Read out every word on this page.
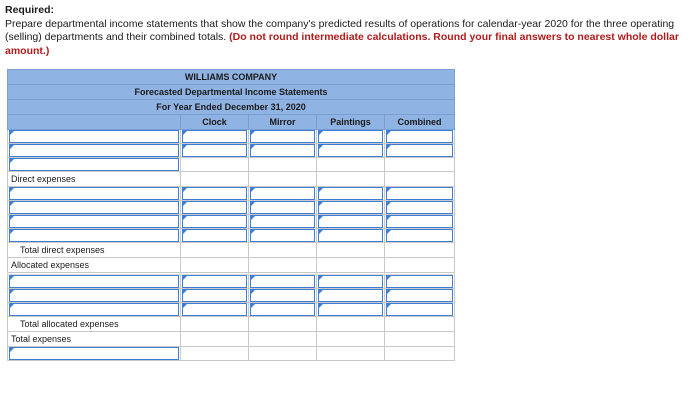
Required:
Prepare departmental income statements that show the company's predicted results of operations for calendar-year 2020 for the three operating (selling) departments and their combined totals. (Do not round intermediate calculations. Round your final answers to nearest whole dollar amount.)
WILLIAMS COMPANY				
Forecasted Departmental Income Statements				
For Year Ended December 31, 2020				
	Clock	Mirror	Paintings	Combined

Direct expenses				

Total direct expenses				
Allocated expenses				

Total allocated expenses				
Total expenses				
